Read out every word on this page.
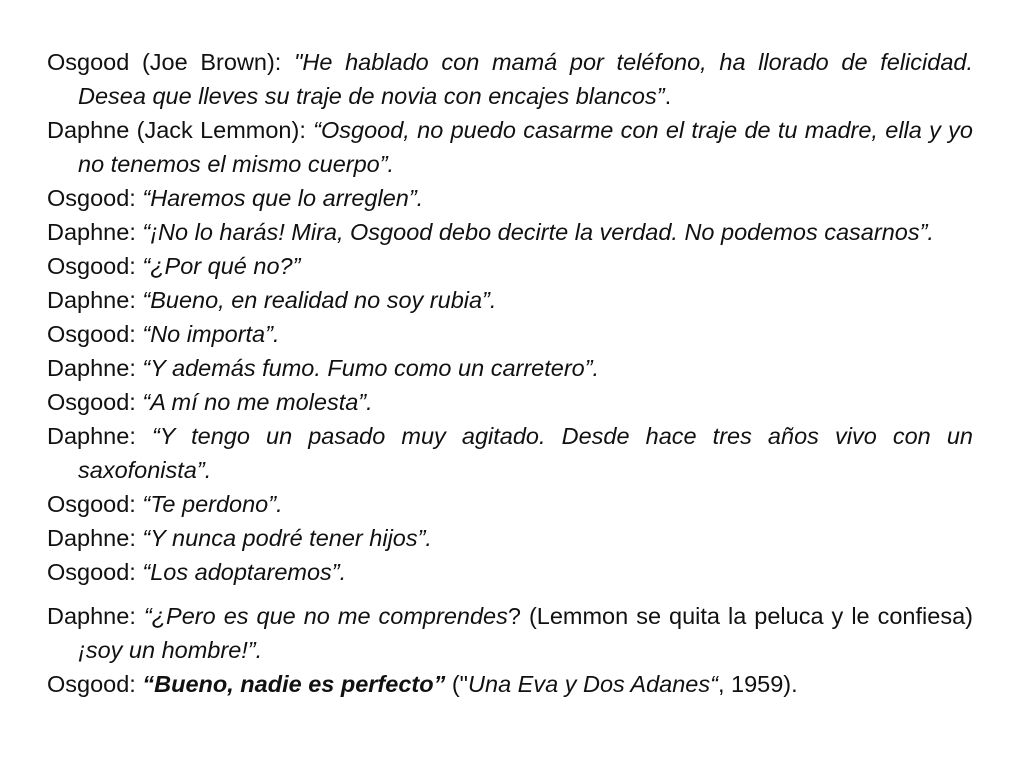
Osgood (Joe Brown): "He hablado con mamá por teléfono, ha llorado de felicidad. Desea que lleves su traje de novia con encajes blancos”.

Daphne (Jack Lemmon): “Osgood, no puedo casarme con el traje de tu madre, ella y yo no tenemos el mismo cuerpo”.

Osgood: “Haremos que lo arreglen”.

Daphne: “¡No lo harás! Mira, Osgood debo decirte la verdad. No podemos casarnos”.

Osgood: “¿Por qué no?”

Daphne: “Bueno, en realidad no soy rubia”.

Osgood: “No importa”.

Daphne: “Y además fumo. Fumo como un carretero”.

Osgood: “A mí no me molesta”.

Daphne: “Y tengo un pasado muy agitado. Desde hace tres años vivo con un saxofonista”.

Osgood: “Te perdono”.

Daphne: “Y nunca podré tener hijos”.

Osgood: “Los adoptaremos”.

Daphne: “¿Pero es que no me comprendes? (Lemmon se quita la peluca y le confiesa) ¡soy un hombre!”.

Osgood: “Bueno, nadie es perfecto” ("Una Eva y Dos Adanes“, 1959).
